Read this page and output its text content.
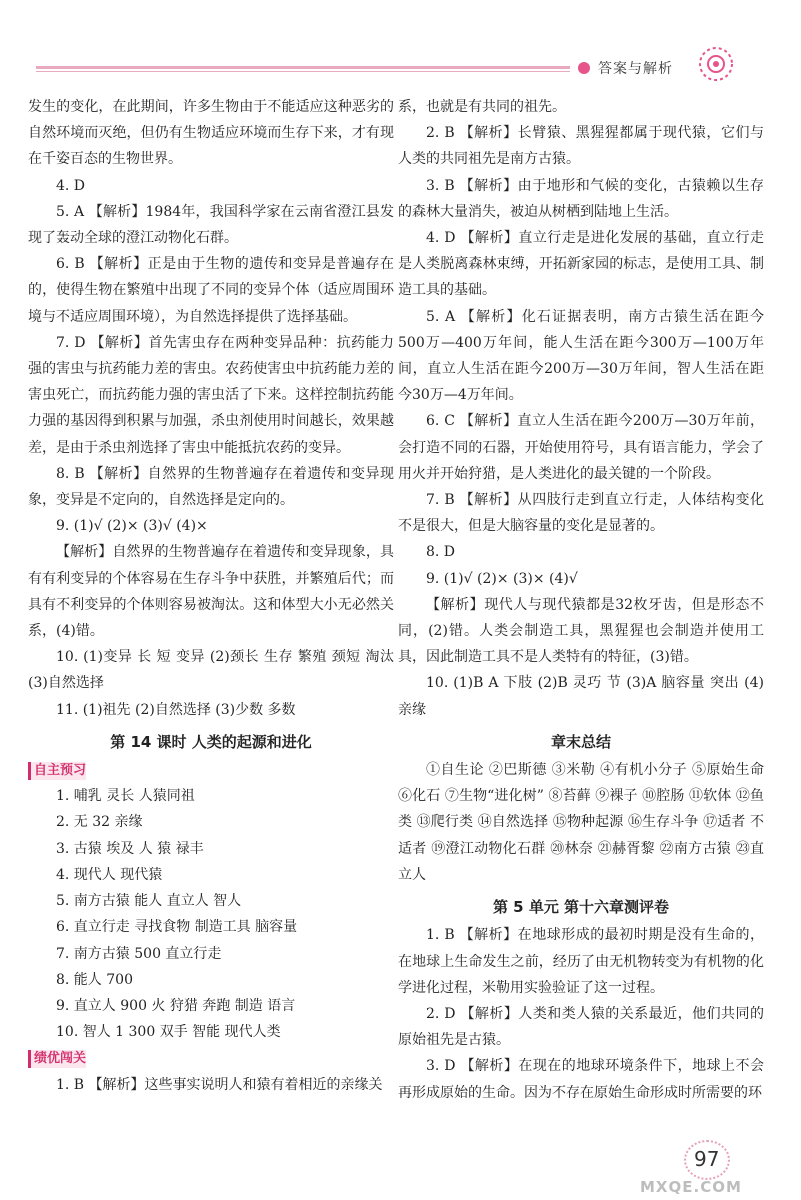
答案与解析

发生的变化，在此期间，许多生物由于不能适应这种恶劣的自然环境而灭绝，但仍有生物适应环境而生存下来，才有现在千姿百态的生物世界。

4. D

5. A 【解析】1984年，我国科学家在云南省澄江县发现了轰动全球的澄江动物化石群。

6. B 【解析】正是由于生物的遗传和变异是普遍存在的，使得生物在繁殖中出现了不同的变异个体（适应周围环境与不适应周围环境），为自然选择提供了选择基础。

7. D 【解析】首先害虫存在两种变异品种：抗药能力强的害虫与抗药能力差的害虫。农药使害虫中抗药能力差的害虫死亡，而抗药能力强的害虫活了下来。这样控制抗药能力强的基因得到积累与加强，杀虫剂使用时间越长，效果越差，是由于杀虫剂选择了害虫中能抵抗农药的变异。

8. B 【解析】自然界的生物普遍存在着遗传和变异现象，变异是不定向的，自然选择是定向的。

9. (1)√ (2)× (3)√ (4)×

【解析】自然界的生物普遍存在着遗传和变异现象，具有有利变异的个体容易在生存斗争中获胜，并繁殖后代；而具有不利变异的个体则容易被淘汰。这和体型大小无必然关系，(4)错。

10. (1)变异 长 短 变异 (2)颈长 生存 繁殖 颈短 淘汰 (3)自然选择

11. (1)祖先 (2)自然选择 (3)少数 多数

第 14 课时 人类的起源和进化

自主预习

1. 哺乳 灵长 人猿同祖

2. 无 32 亲缘

3. 古猿 埃及 人 猿 禄丰

4. 现代人 现代猿

5. 南方古猿 能人 直立人 智人

6. 直立行走 寻找食物 制造工具 脑容量

7. 南方古猿 500 直立行走

8. 能人 700

9. 直立人 900 火 狩猎 奔跑 制造 语言

10. 智人 1 300 双手 智能 现代人类

绩优闯关

1. B 【解析】这些事实说明人和猿有着相近的亲缘关

系，也就是有共同的祖先。

2. B 【解析】长臂猿、黑猩猩都属于现代猿，它们与人类的共同祖先是南方古猿。

3. B 【解析】由于地形和气候的变化，古猿赖以生存的森林大量消失，被迫从树栖到陆地上生活。

4. D 【解析】直立行走是进化发展的基础，直立行走是人类脱离森林束缚，开拓新家园的标志，是使用工具、制造工具的基础。

5. A 【解析】化石证据表明，南方古猿生活在距今500万—400万年间，能人生活在距今300万—100万年间，直立人生活在距今200万—30万年间，智人生活在距今30万—4万年间。

6. C 【解析】直立人生活在距今200万—30万年前，会打造不同的石器，开始使用符号，具有语言能力，学会了用火并开始狩猎，是人类进化的最关键的一个阶段。

7. B 【解析】从四肢行走到直立行走，人体结构变化不是很大，但是大脑容量的变化是显著的。

8. D

9. (1)√ (2)× (3)× (4)√

【解析】现代人与现代猿都是32枚牙齿，但是形态不同，(2)错。人类会制造工具，黑猩猩也会制造并使用工具，因此制造工具不是人类特有的特征，(3)错。

10. (1)B A 下肢 (2)B 灵巧 节 (3)A 脑容量 突出 (4)亲缘

章末总结

①自生论 ②巴斯德 ③米勒 ④有机小分子 ⑤原始生命 ⑥化石 ⑦生物“进化树” ⑧苔藓 ⑨裸子 ⑩腔肠 ⑪软体 ⑫鱼类 ⑬爬行类 ⑭自然选择 ⑮物种起源 ⑯生存斗争 ⑰适者 不适者 ⑲澄江动物化石群 ⑳林奈 ㉑赫胥黎 ㉒南方古猿 ㉓直立人

第 5 单元 第十六章测评卷

1. B 【解析】在地球形成的最初时期是没有生命的，在地球上生命发生之前，经历了由无机物转变为有机物的化学进化过程，米勒用实验验证了这一过程。

2. D 【解析】人类和类人猿的关系最近，他们共同的原始祖先是古猿。

3. D 【解析】在现在的地球环境条件下，地球上不会再形成原始的生命。因为不存在原始生命形成时所需要的环

97
MXQE.COM
